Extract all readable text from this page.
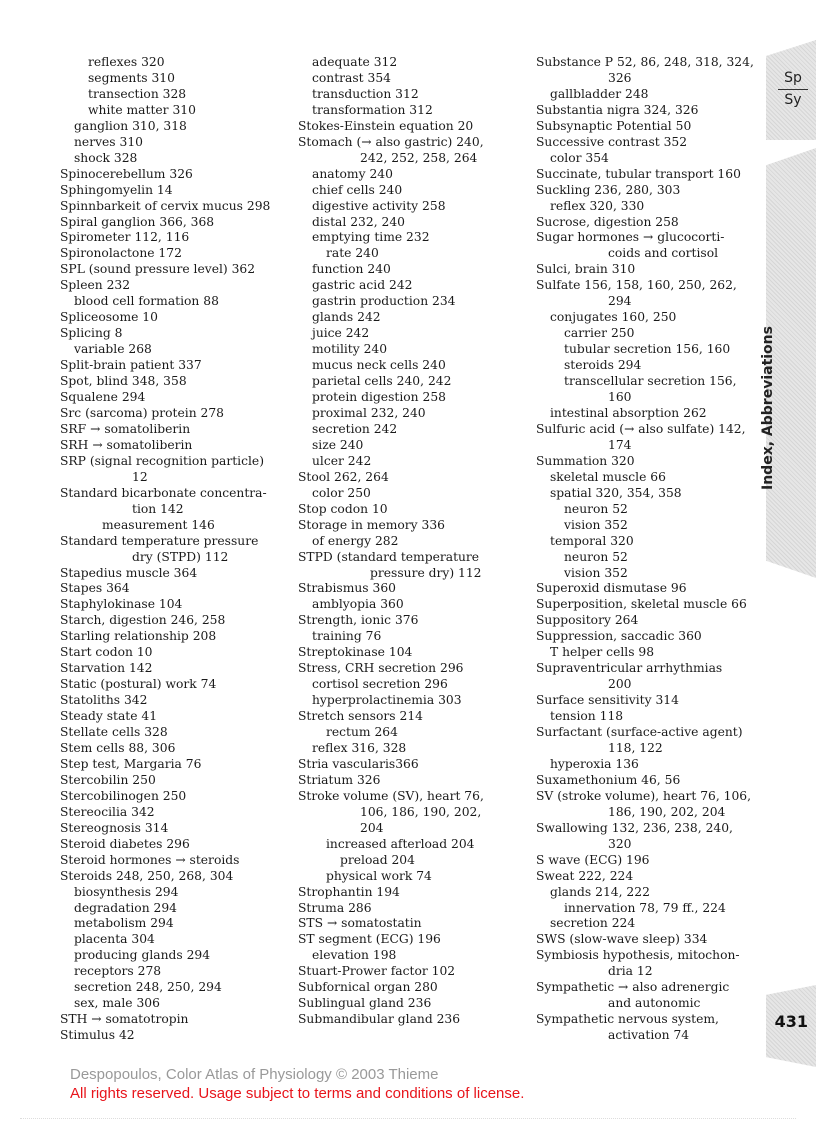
reflexes 320
segments 310
transection 328
white matter 310
ganglion 310, 318
nerves 310
shock 328
Spinocerebellum 326
Sphingomyelin 14
Spinnbarkeit of cervix mucus 298
Spiral ganglion 366, 368
Spirometer 112, 116
Spironolactone 172
SPL (sound pressure level) 362
Spleen 232
blood cell formation 88
Spliceosome 10
Splicing 8
variable 268
Split-brain patient 337
Spot, blind 348, 358
Squalene 294
Src (sarcoma) protein 278
SRF → somatoliberin
SRH → somatoliberin
SRP (signal recognition particle)
12
Standard bicarbonate concentra-
tion 142
measurement 146
Standard temperature pressure
dry (STPD) 112
Stapedius muscle 364
Stapes 364
Staphylokinase 104
Starch, digestion 246, 258
Starling relationship 208
Start codon 10
Starvation 142
Static (postural) work 74
Statoliths 342
Steady state 41
Stellate cells 328
Stem cells 88, 306
Step test, Margaria 76
Stercobilin 250
Stercobilinogen 250
Stereocilia 342
Stereognosis 314
Steroid diabetes 296
Steroid hormones → steroids
Steroids 248, 250, 268, 304
biosynthesis 294
degradation 294
metabolism 294
placenta 304
producing glands 294
receptors 278
secretion 248, 250, 294
sex, male 306
STH → somatotropin
Stimulus 42
adequate 312
contrast 354
transduction 312
transformation 312
Stokes-Einstein equation 20
Stomach (→ also gastric) 240,
242, 252, 258, 264
anatomy 240
chief cells 240
digestive activity 258
distal 232, 240
emptying time 232
rate 240
function 240
gastric acid 242
gastrin production 234
glands 242
juice 242
motility 240
mucus neck cells 240
parietal cells 240, 242
protein digestion 258
proximal 232, 240
secretion 242
size 240
ulcer 242
Stool 262, 264
color 250
Stop codon 10
Storage in memory 336
of energy 282
STPD (standard temperature
pressure dry) 112
Strabismus 360
amblyopia 360
Strength, ionic 376
training 76
Streptokinase 104
Stress, CRH secretion 296
cortisol secretion 296
hyperprolactinemia 303
Stretch sensors 214
rectum 264
reflex 316, 328
Stria vascularis366
Striatum 326
Stroke volume (SV), heart 76,
106, 186, 190, 202,
204
increased afterload 204
preload 204
physical work 74
Strophantin 194
Struma 286
STS → somatostatin
ST segment (ECG) 196
elevation 198
Stuart-Prower factor 102
Subfornical organ 280
Sublingual gland 236
Submandibular gland 236
Substance P 52, 86, 248, 318, 324,
326
gallbladder 248
Substantia nigra 324, 326
Subsynaptic Potential 50
Successive contrast 352
color 354
Succinate, tubular transport 160
Suckling 236, 280, 303
reflex 320, 330
Sucrose, digestion 258
Sugar hormones → glucocorti-
coids and cortisol
Sulci, brain 310
Sulfate 156, 158, 160, 250, 262,
294
conjugates 160, 250
carrier 250
tubular secretion 156, 160
steroids 294
transcellular secretion 156,
160
intestinal absorption 262
Sulfuric acid (→ also sulfate) 142,
174
Summation 320
skeletal muscle 66
spatial 320, 354, 358
neuron 52
vision 352
temporal 320
neuron 52
vision 352
Superoxid dismutase 96
Superposition, skeletal muscle 66
Suppository 264
Suppression, saccadic 360
T helper cells 98
Supraventricular arrhythmias
200
Surface sensitivity 314
tension 118
Surfactant (surface-active agent)
118, 122
hyperoxia 136
Suxamethonium 46, 56
SV (stroke volume), heart 76, 106,
186, 190, 202, 204
Swallowing 132, 236, 238, 240,
320
S wave (ECG) 196
Sweat 222, 224
glands 214, 222
innervation 78, 79 ff., 224
secretion 224
SWS (slow-wave sleep) 334
Symbiosis hypothesis, mitochon-
dria 12
Sympathetic → also adrenergic
and autonomic
Sympathetic nervous system,
activation 74
Sp
Sy
Index, Abbreviations
431
Despopoulos, Color Atlas of Physiology © 2003 Thieme
All rights reserved. Usage subject to terms and conditions of license.
